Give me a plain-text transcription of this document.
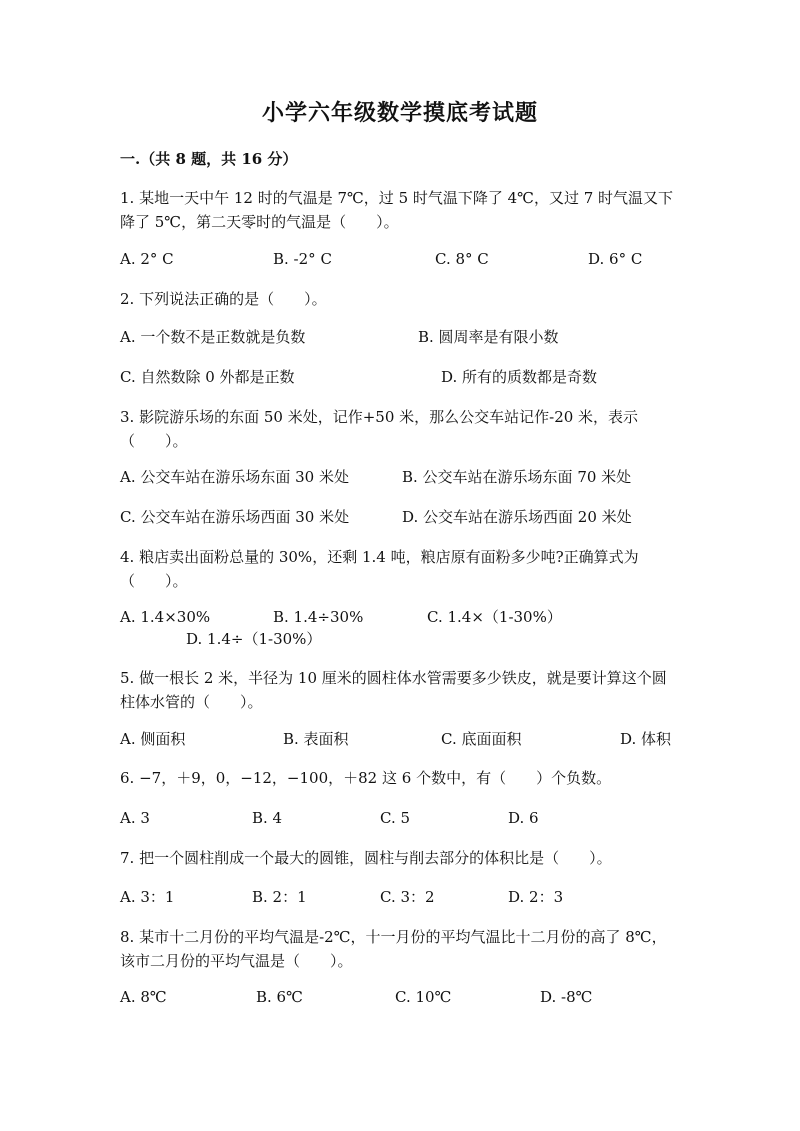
小学六年级数学摸底考试题
一.（共 8 题，共 16 分）
1. 某地一天中午 12 时的气温是 7℃，过 5 时气温下降了 4℃，又过 7 时气温又下降了 5℃，第二天零时的气温是（　　）。
A. 2° C	B. -2° C	C. 8° C	D. 6° C
2. 下列说法正确的是（　　）。
A. 一个数不是正数就是负数	B. 圆周率是有限小数
C. 自然数除 0 外都是正数	D. 所有的质数都是奇数
3. 影院游乐场的东面 50 米处，记作+50 米，那么公交车站记作-20 米，表示（　　）。
A. 公交车站在游乐场东面 30 米处	B. 公交车站在游乐场东面 70 米处
C. 公交车站在游乐场西面 30 米处	D. 公交车站在游乐场西面 20 米处
4. 粮店卖出面粉总量的 30%，还剩 1.4 吨，粮店原有面粉多少吨?正确算式为（　　）。
A. 1.4×30%	B. 1.4÷30%	C. 1.4×（1-30%）
D. 1.4÷（1-30%）
5. 做一根长 2 米，半径为 10 厘米的圆柱体水管需要多少铁皮，就是要计算这个圆柱体水管的（　　）。
A. 侧面积	B. 表面积	C. 底面面积	D. 体积
6. −7，＋9，0，−12，−100，＋82 这 6 个数中，有（　　）个负数。
A. 3	B. 4	C. 5	D. 6
7. 把一个圆柱削成一个最大的圆锥，圆柱与削去部分的体积比是（　　）。
A. 3：1	B. 2：1	C. 3：2	D. 2：3
8. 某市十二月份的平均气温是-2℃，十一月份的平均气温比十二月份的高了 8℃，该市二月份的平均气温是（　　）。
A. 8℃	B. 6℃	C. 10℃	D. -8℃
